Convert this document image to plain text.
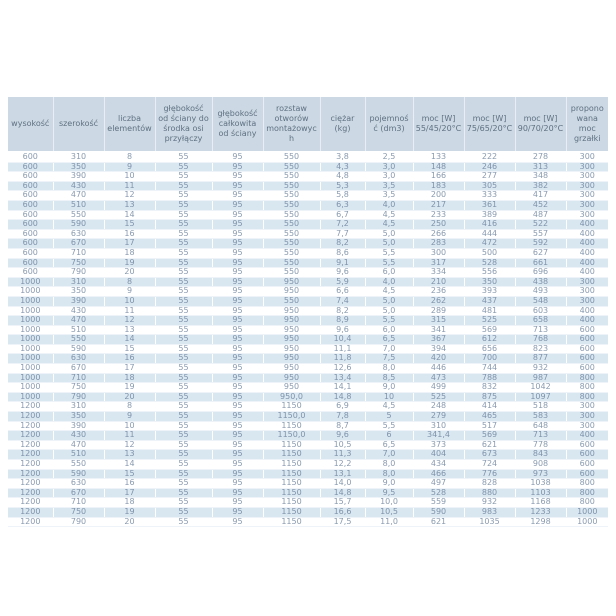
wysokość	szerokość	liczba elementów	głębokość od ściany do środka osi przyłączy	głębokość całkowita od ściany	rozstaw otworów montażowych	ciężar (kg)	pojemność (dm3)	moc [W] 55/45/20°C	moc [W] 75/65/20°C	moc [W] 90/70/20°C	proponowana moc grzałki
600	310	8	55	95	550	3,8	2,5	133	222	278	300
600	350	9	55	95	550	4,3	3,0	148	246	313	300
600	390	10	55	95	550	4,8	3,0	166	277	348	300
600	430	11	55	95	550	5,3	3,5	183	305	382	300
600	470	12	55	95	550	5,8	3,5	200	333	417	300
600	510	13	55	95	550	6,3	4,0	217	361	452	300
600	550	14	55	95	550	6,7	4,5	233	389	487	300
600	590	15	55	95	550	7,2	4,5	250	416	522	400
600	630	16	55	95	550	7,7	5,0	266	444	557	400
600	670	17	55	95	550	8,2	5,0	283	472	592	400
600	710	18	55	95	550	8,6	5,5	300	500	627	400
600	750	19	55	95	550	9,1	5,5	317	528	661	400
600	790	20	55	95	550	9,6	6,0	334	556	696	400
1000	310	8	55	95	950	5,9	4,0	210	350	438	300
1000	350	9	55	95	950	6,6	4,5	236	393	493	300
1000	390	10	55	95	550	7,4	5,0	262	437	548	300
1000	430	11	55	95	950	8,2	5,0	289	481	603	400
1000	470	12	55	95	950	8,9	5,5	315	525	658	400
1000	510	13	55	95	950	9,6	6,0	341	569	713	600
1000	550	14	55	95	950	10,4	6,5	367	612	768	600
1000	590	15	55	95	950	11,1	7,0	394	656	823	600
1000	630	16	55	95	950	11,8	7,5	420	700	877	600
1000	670	17	55	95	950	12,6	8,0	446	744	932	600
1000	710	18	55	95	950	13,4	8,5	473	788	987	800
1000	750	19	55	95	950	14,1	9,0	499	832	1042	800
1000	790	20	55	95	950,0	14,8	10	525	875	1097	800
1200	310	8	55	95	1150	6,9	4,5	248	414	518	300
1200	350	9	55	95	1150,0	7,8	5	279	465	583	300
1200	390	10	55	95	1150	8,7	5,5	310	517	648	300
1200	430	11	55	95	1150,0	9,6	6	341,4	569	713	400
1200	470	12	55	95	1150	10,5	6,5	373	621	778	600
1200	510	13	55	95	1150	11,3	7,0	404	673	843	600
1200	550	14	55	95	1150	12,2	8,0	434	724	908	600
1200	590	15	55	95	1150	13,1	8,0	466	776	973	600
1200	630	16	55	95	1150	14,0	9,0	497	828	1038	800
1200	670	17	55	95	1150	14,8	9,5	528	880	1103	800
1200	710	18	55	95	1150	15,7	10,0	559	932	1168	800
1200	750	19	55	95	1150	16,6	10,5	590	983	1233	1000
1200	790	20	55	95	1150	17,5	11,0	621	1035	1298	1000
